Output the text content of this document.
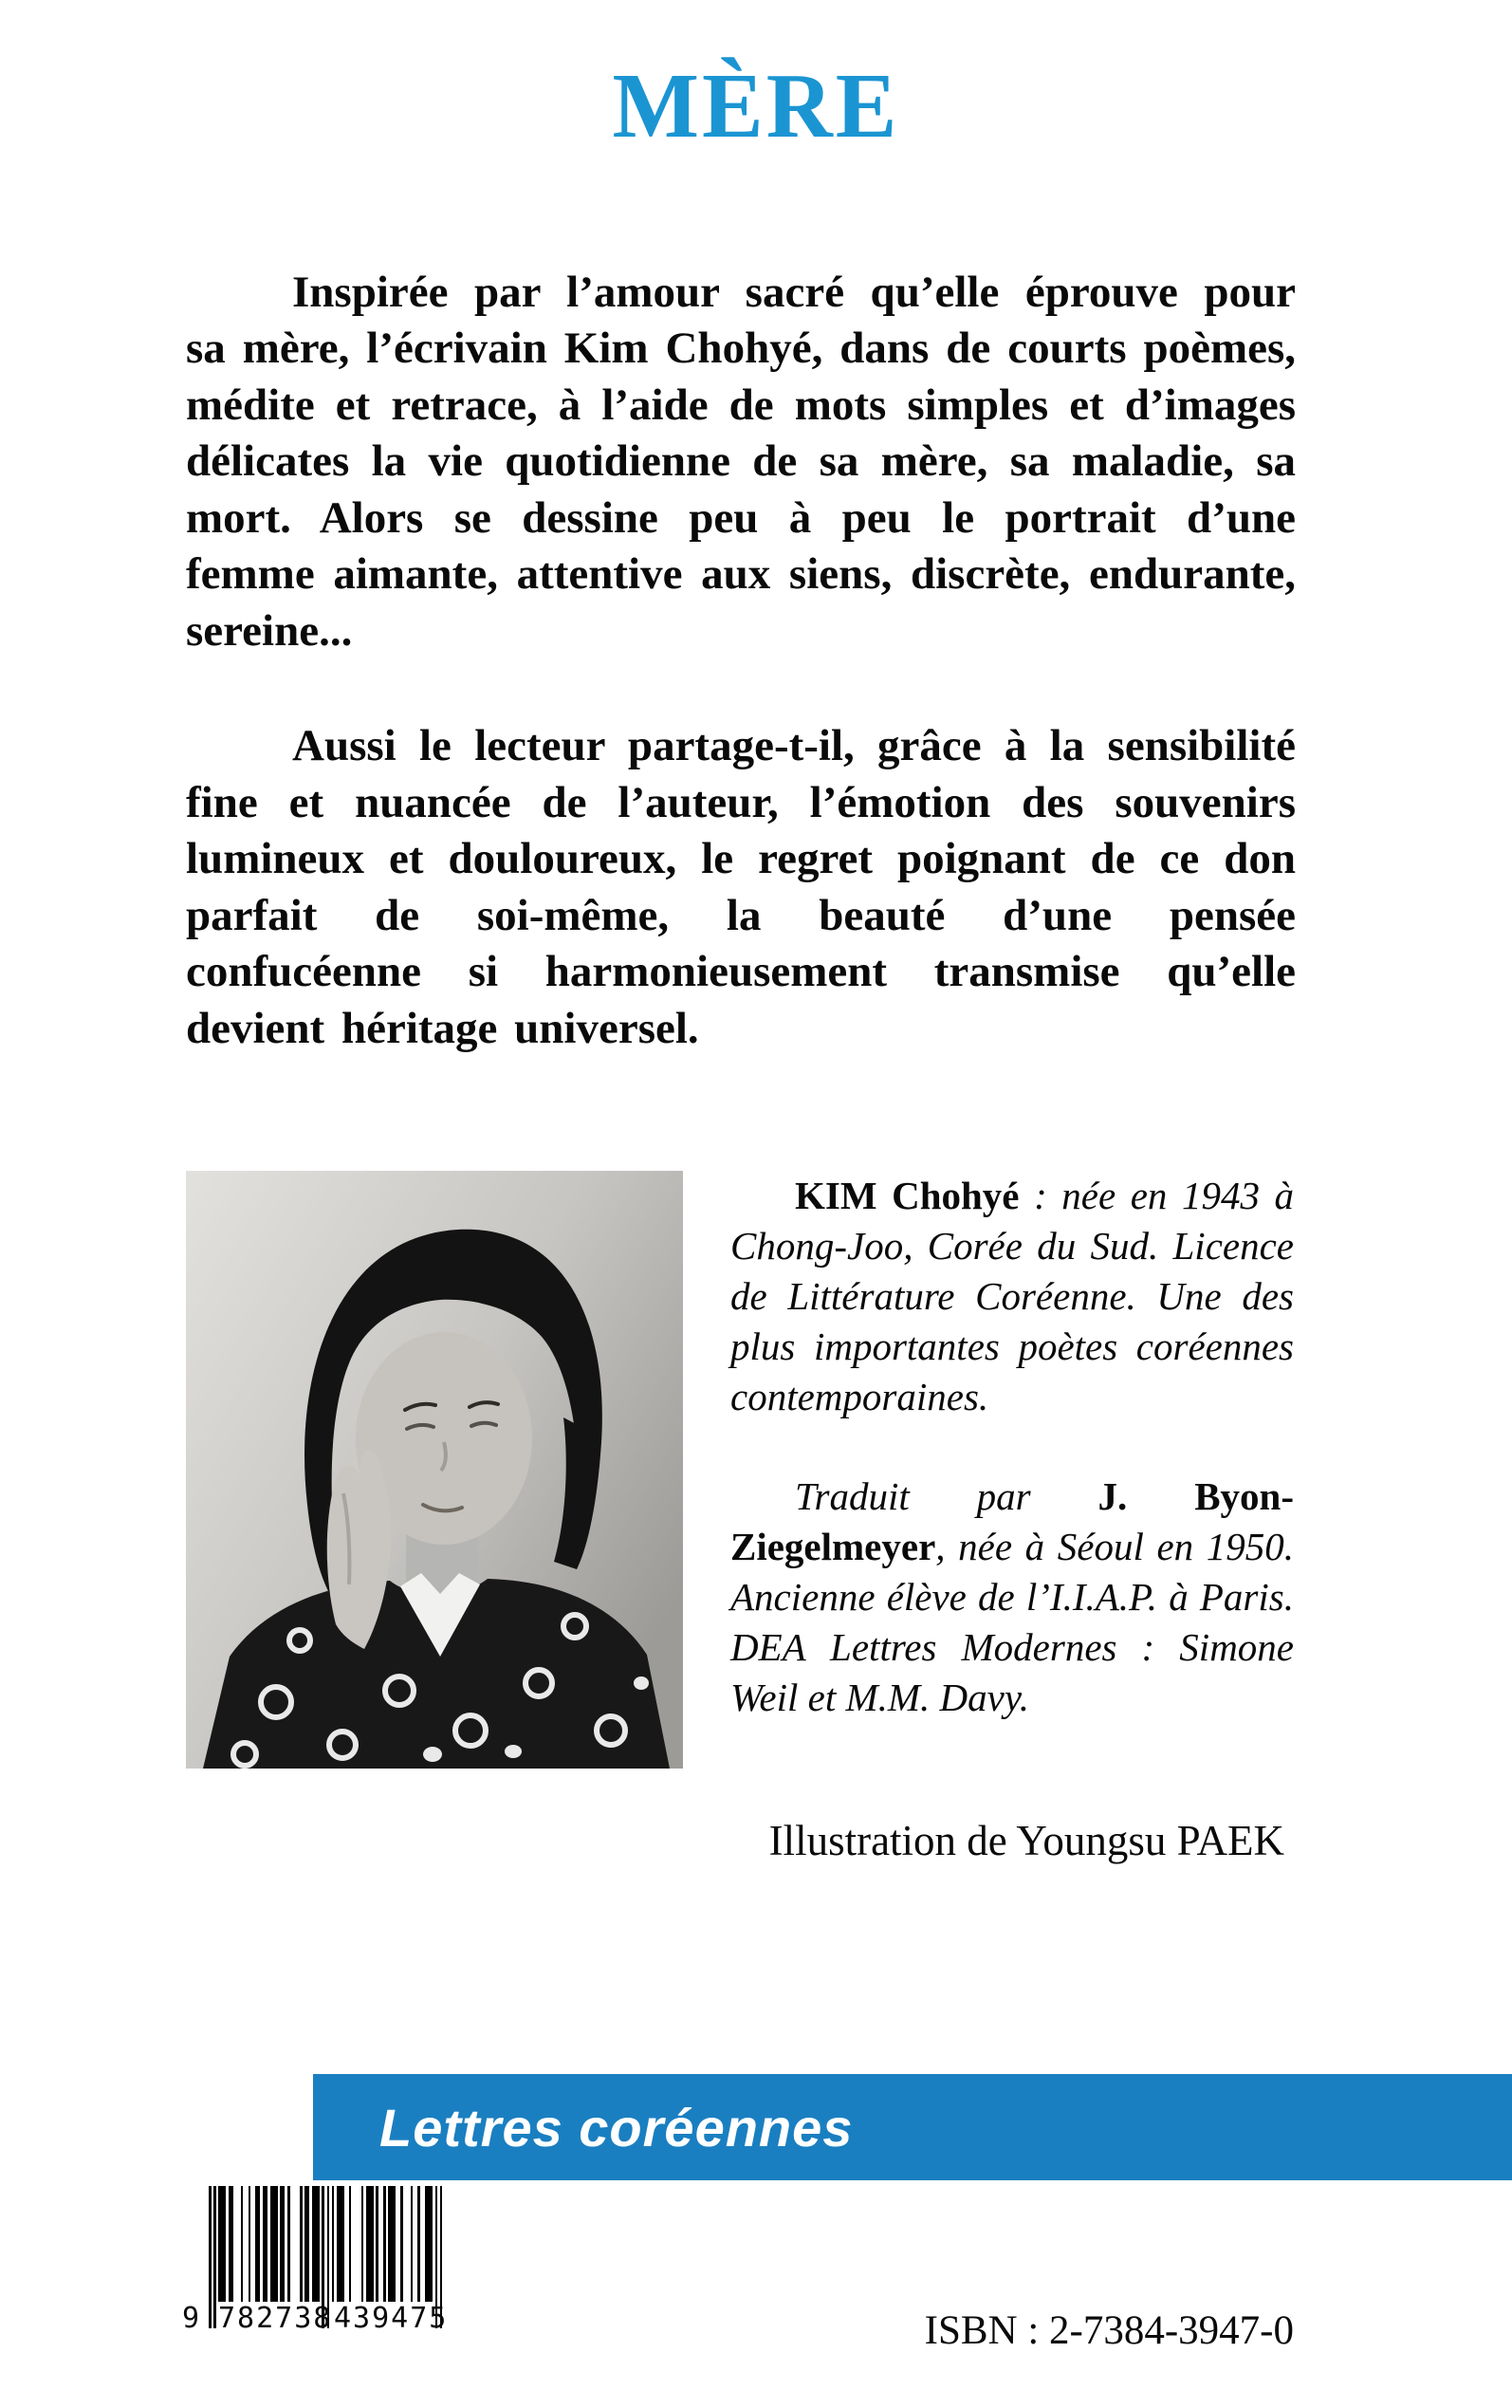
MÈRE

Inspirée par l’amour sacré qu’elle éprouve pour sa mère, l’écrivain Kim Chohyé, dans de courts poèmes, médite et retrace, à l’aide de mots simples et d’images délicates la vie quotidienne de sa mère, sa maladie, sa mort. Alors se dessine peu à peu le portrait d’une femme aimante, attentive aux siens, discrète, endurante, sereine...

Aussi le lecteur partage-t-il, grâce à la sensibilité fine et nuancée de l’auteur, l’émotion des souvenirs lumineux et douloureux, le regret poignant de ce don parfait de soi-même, la beauté d’une pensée confucéenne si harmonieusement transmise qu’elle devient héritage universel.

KIM Chohyé : née en 1943 à Chong-Joo, Corée du Sud. Licence de Littérature Coréenne. Une des plus importantes poètes coréennes contemporaines.

Traduit par J. Byon-Ziegelmeyer, née à Séoul en 1950. Ancienne élève de l’I.I.A.P. à Paris. DEA Lettres Modernes : Simone Weil et M.M. Davy.

Illustration de Youngsu PAEK

Lettres coréennes
9 782738 439475	ISBN : 2-7384-3947-0
